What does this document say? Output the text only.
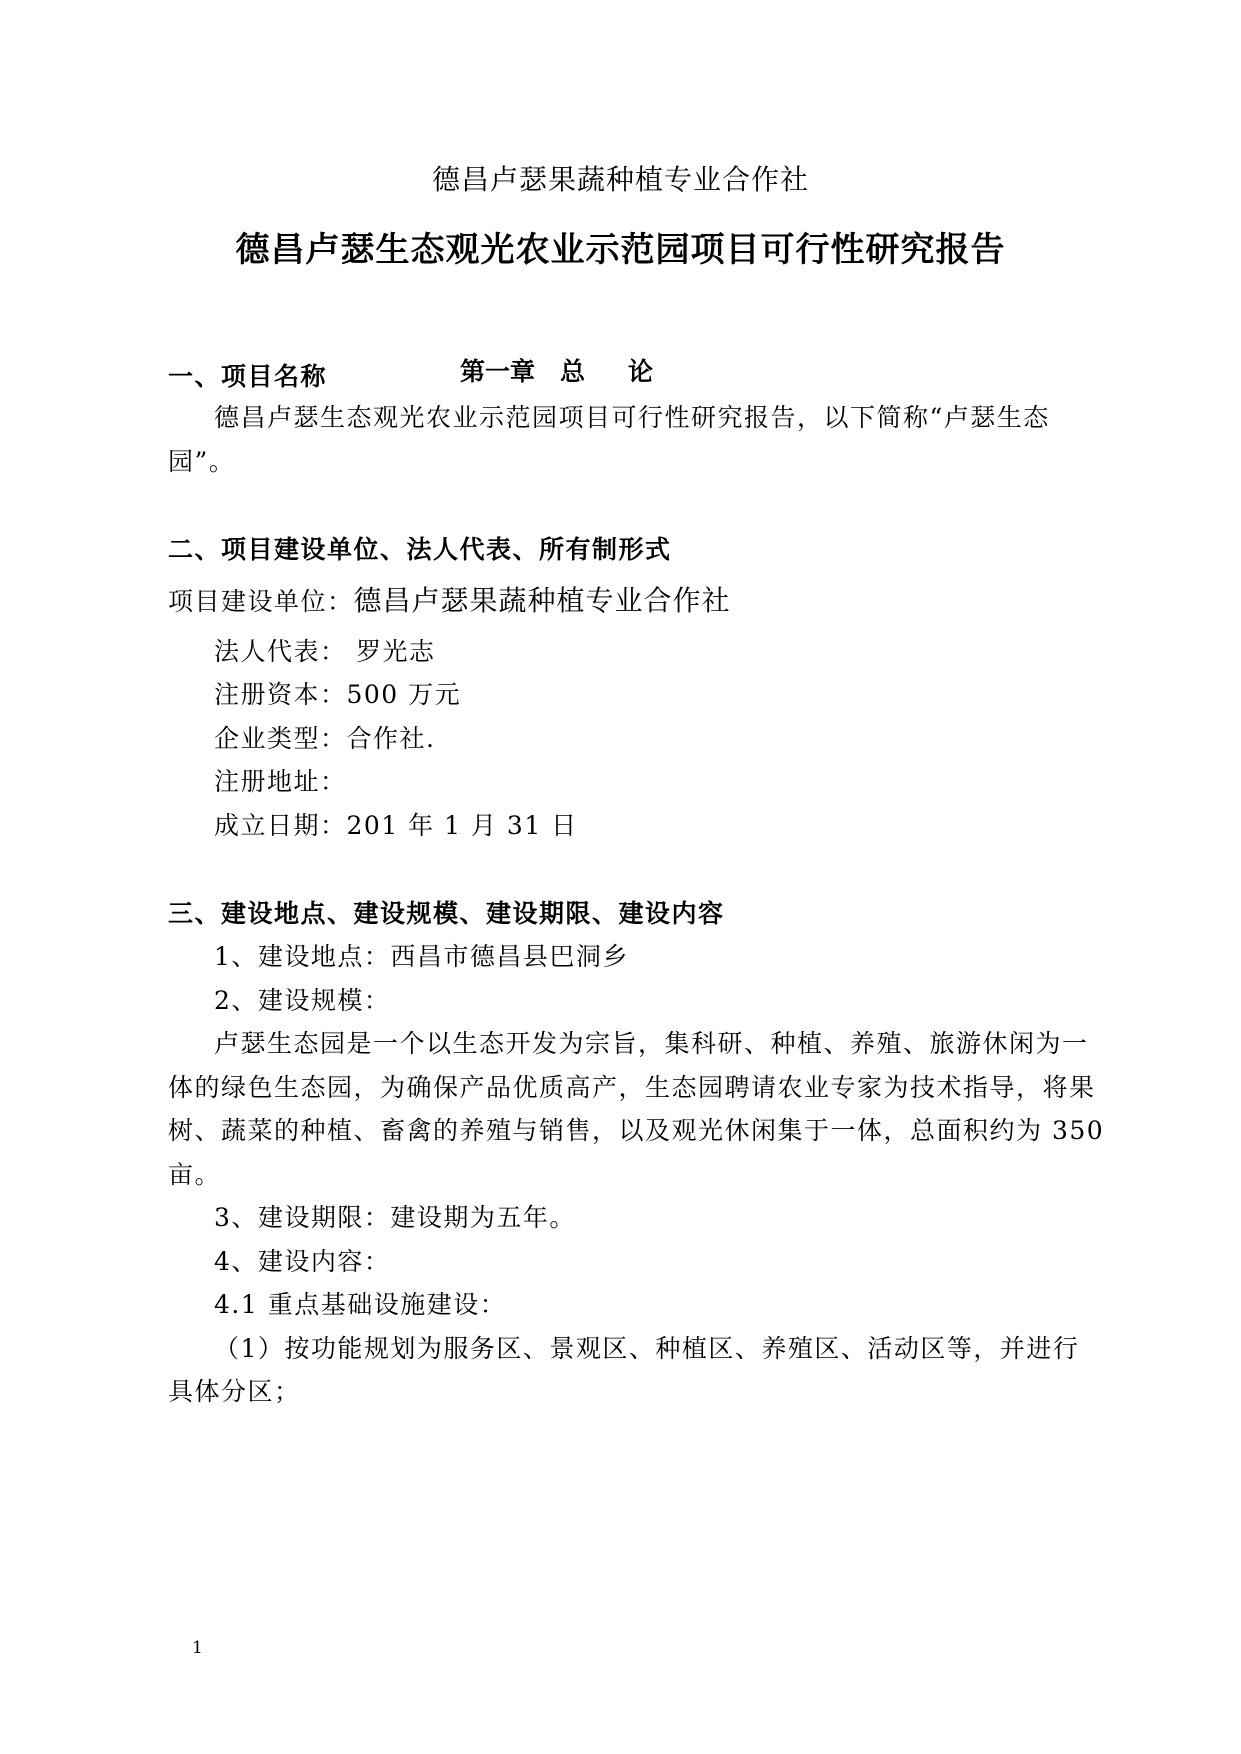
德昌卢瑟果蔬种植专业合作社
德昌卢瑟生态观光农业示范园项目可行性研究报告
第一章 总 论
一、项目名称
德昌卢瑟生态观光农业示范园项目可行性研究报告，以下简称“卢瑟生态
园”。
二、项目建设单位、法人代表、所有制形式
项目建设单位：德昌卢瑟果蔬种植专业合作社
法人代表： 罗光志
注册资本：500 万元
企业类型：合作社.
注册地址：
成立日期：201 年 1 月 31 日
三、建设地点、建设规模、建设期限、建设内容
1、建设地点：西昌市德昌县巴洞乡
2、建设规模：
卢瑟生态园是一个以生态开发为宗旨，集科研、种植、养殖、旅游休闲为一
体的绿色生态园，为确保产品优质高产，生态园聘请农业专家为技术指导，将果
树、蔬菜的种植、畜禽的养殖与销售，以及观光休闲集于一体，总面积约为 350
亩。
3、建设期限：建设期为五年。
4、建设内容：
4.1 重点基础设施建设：
（1）按功能规划为服务区、景观区、种植区、养殖区、活动区等，并进行
具体分区；
1
